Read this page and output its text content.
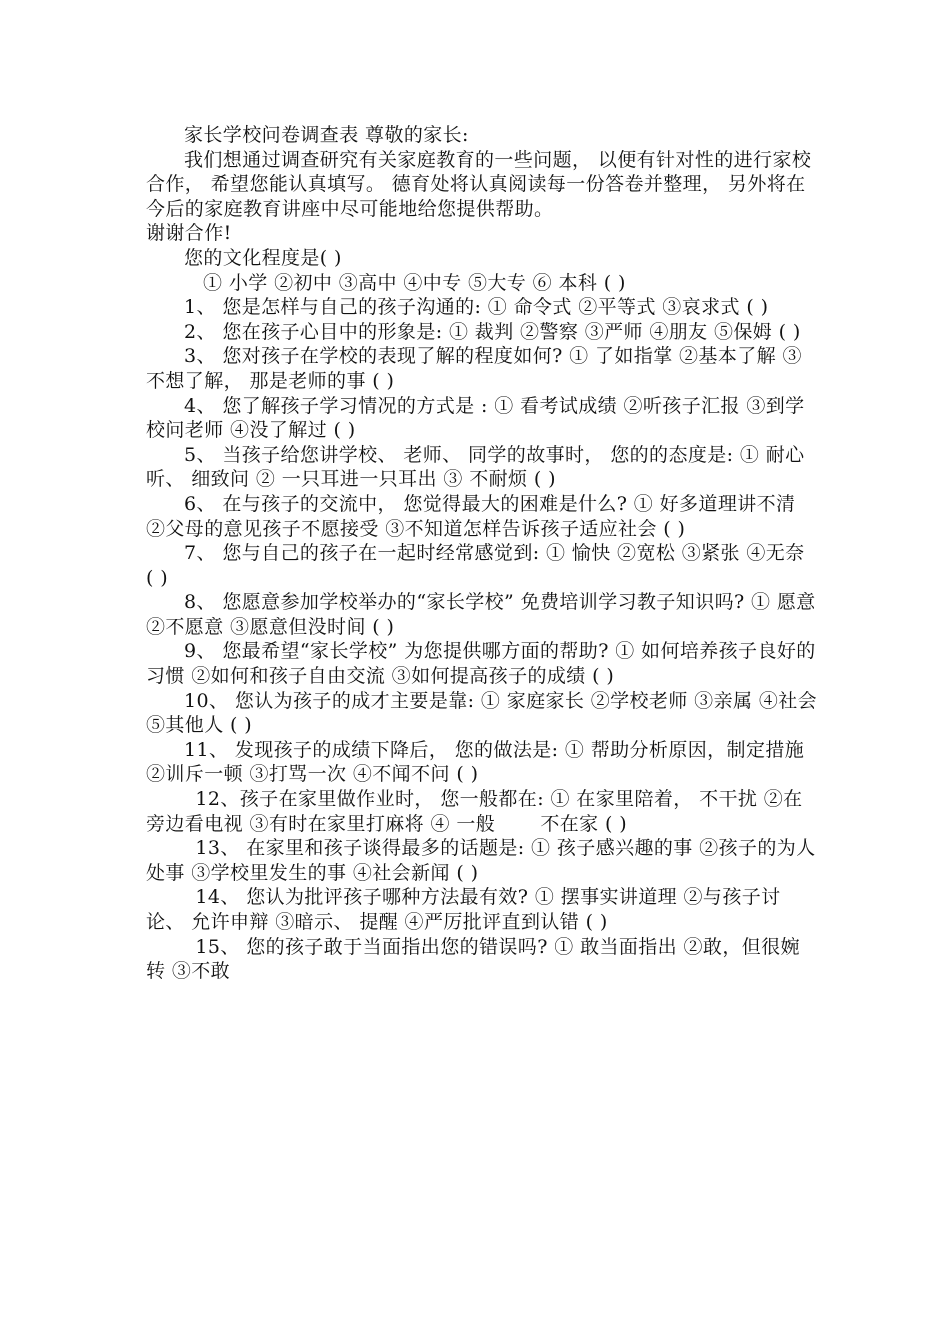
家长学校问卷调查表 尊敬的家长:

我们想通过调查研究有关家庭教育的一些问题， 以便有针对性的进行家校合作， 希望您能认真填写。 德育处将认真阅读每一份答卷并整理， 另外将在今后的家庭教育讲座中尽可能地给您提供帮助。

谢谢合作!

您的文化程度是( )

① 小学 ②初中 ③高中 ④中专 ⑤大专 ⑥ 本科 ( )

1、 您是怎样与自己的孩子沟通的: ① 命令式 ②平等式 ③哀求式 ( )

2、 您在孩子心目中的形象是: ① 裁判 ②警察 ③严师 ④朋友 ⑤保姆 ( )

3、 您对孩子在学校的表现了解的程度如何? ① 了如指掌 ②基本了解 ③不想了解， 那是老师的事 ( )

4、 您了解孩子学习情况的方式是 : ① 看考试成绩 ②听孩子汇报 ③到学校问老师 ④没了解过 ( )

5、 当孩子给您讲学校、 老师、 同学的故事时， 您的的态度是: ① 耐心听、 细致问 ② 一只耳进一只耳出 ③ 不耐烦 ( )

6、 在与孩子的交流中， 您觉得最大的困难是什么? ① 好多道理讲不清 ②父母的意见孩子不愿接受 ③不知道怎样告诉孩子适应社会 ( )

7、 您与自己的孩子在一起时经常感觉到: ① 愉快 ②宽松 ③紧张 ④无奈 ( )

8、 您愿意参加学校举办的“家长学校” 免费培训学习教子知识吗? ① 愿意 ②不愿意 ③愿意但没时间 ( )

9、 您最希望“家长学校” 为您提供哪方面的帮助? ① 如何培养孩子良好的习惯 ②如何和孩子自由交流 ③如何提高孩子的成绩 ( )

10、 您认为孩子的成才主要是靠: ① 家庭家长 ②学校老师 ③亲属 ④社会 ⑤其他人 ( )

11、 发现孩子的成绩下降后， 您的做法是: ① 帮助分析原因，制定措施 ②训斥一顿 ③打骂一次 ④不闻不问 ( )

12、孩子在家里做作业时， 您一般都在: ① 在家里陪着， 不干扰 ②在旁边看电视 ③有时在家里打麻将 ④ 一般 　　不在家 ( )

13、 在家里和孩子谈得最多的话题是: ① 孩子感兴趣的事 ②孩子的为人处事 ③学校里发生的事 ④社会新闻 ( )

14、 您认为批评孩子哪种方法最有效? ① 摆事实讲道理 ②与孩子讨论、 允许申辩 ③暗示、 提醒 ④严厉批评直到认错 ( )

15、 您的孩子敢于当面指出您的错误吗? ① 敢当面指出 ②敢，但很婉转 ③不敢
